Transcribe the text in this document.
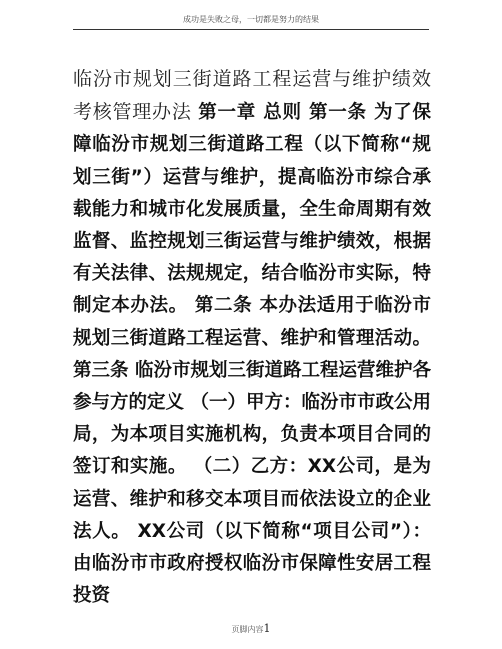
成功是失败之母，一切都是努力的结果
临汾市规划三街道路工程运营与维护绩效考核管理办法 第一章 总则 第一条 为了保障临汾市规划三街道路工程（以下简称“规划三街”）运营与维护，提高临汾市综合承载能力和城市化发展质量，全生命周期有效监督、监控规划三街运营与维护绩效，根据有关法律、法规规定，结合临汾市实际，特制定本办法。 第二条 本办法适用于临汾市规划三街道路工程运营、维护和管理活动。 第三条 临汾市规划三街道路工程运营维护各参与方的定义 （一）甲方：临汾市市政公用局，为本项目实施机构，负责本项目合同的签订和实施。 （二）乙方：XX公司，是为运营、维护和移交本项目而依法设立的企业法人。 XX公司（以下简称“项目公司”）：由临汾市市政府授权临汾市保障性安居工程投资
页脚内容1
